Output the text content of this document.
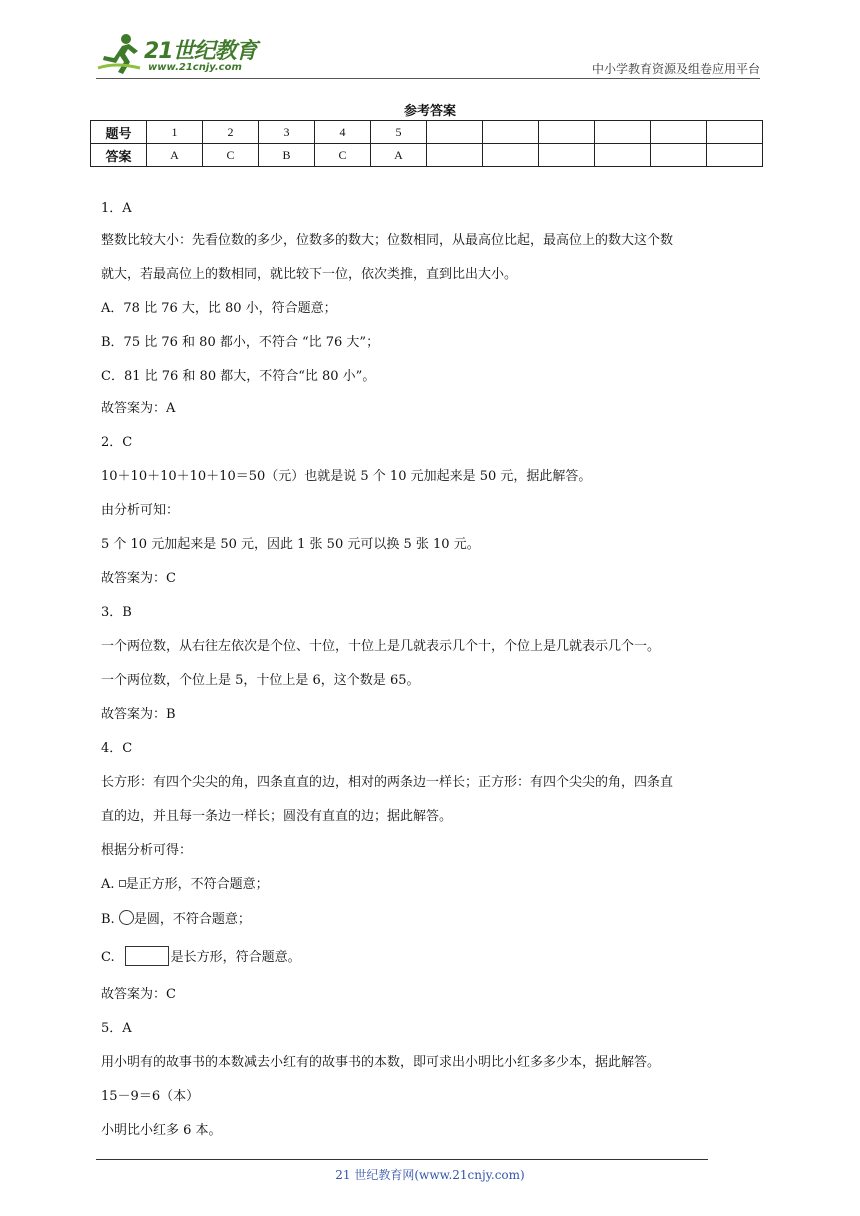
21世纪教育
www.21cnjy.com	中小学教育资源及组卷应用平台
参考答案
题号	1	2	3	4	5						
答案	A	C	B	C	A						
1．A
整数比较大小：先看位数的多少，位数多的数大；位数相同，从最高位比起，最高位上的数大这个数
就大，若最高位上的数相同，就比较下一位，依次类推，直到比出大小。
A．78 比 76 大，比 80 小，符合题意；
B．75 比 76 和 80 都小，不符合 “比 76 大”；
C．81 比 76 和 80 都大，不符合“比 80 小”。
故答案为：A
2．C
10＋10＋10＋10＋10＝50（元）也就是说 5 个 10 元加起来是 50 元，据此解答。
由分析可知：
5 个 10 元加起来是 50 元，因此 1 张 50 元可以换 5 张 10 元。
故答案为：C
3．B
一个两位数，从右往左依次是个位、十位，十位上是几就表示几个十，个位上是几就表示几个一。
一个两位数，个位上是 5，十位上是 6，这个数是 65。
故答案为：B
4．C
长方形：有四个尖尖的角，四条直直的边，相对的两条边一样长；正方形：有四个尖尖的角，四条直
直的边，并且每一条边一样长；圆没有直直的边；据此解答。
根据分析可得：
A. 是正方形，不符合题意；
B. 是圆，不符合题意；
C.	是长方形，符合题意。
故答案为：C
5．A
用小明有的故事书的本数减去小红有的故事书的本数，即可求出小明比小红多多少本，据此解答。
15－9＝6（本）
小明比小红多 6 本。
21 世纪教育网(www.21cnjy.com)
